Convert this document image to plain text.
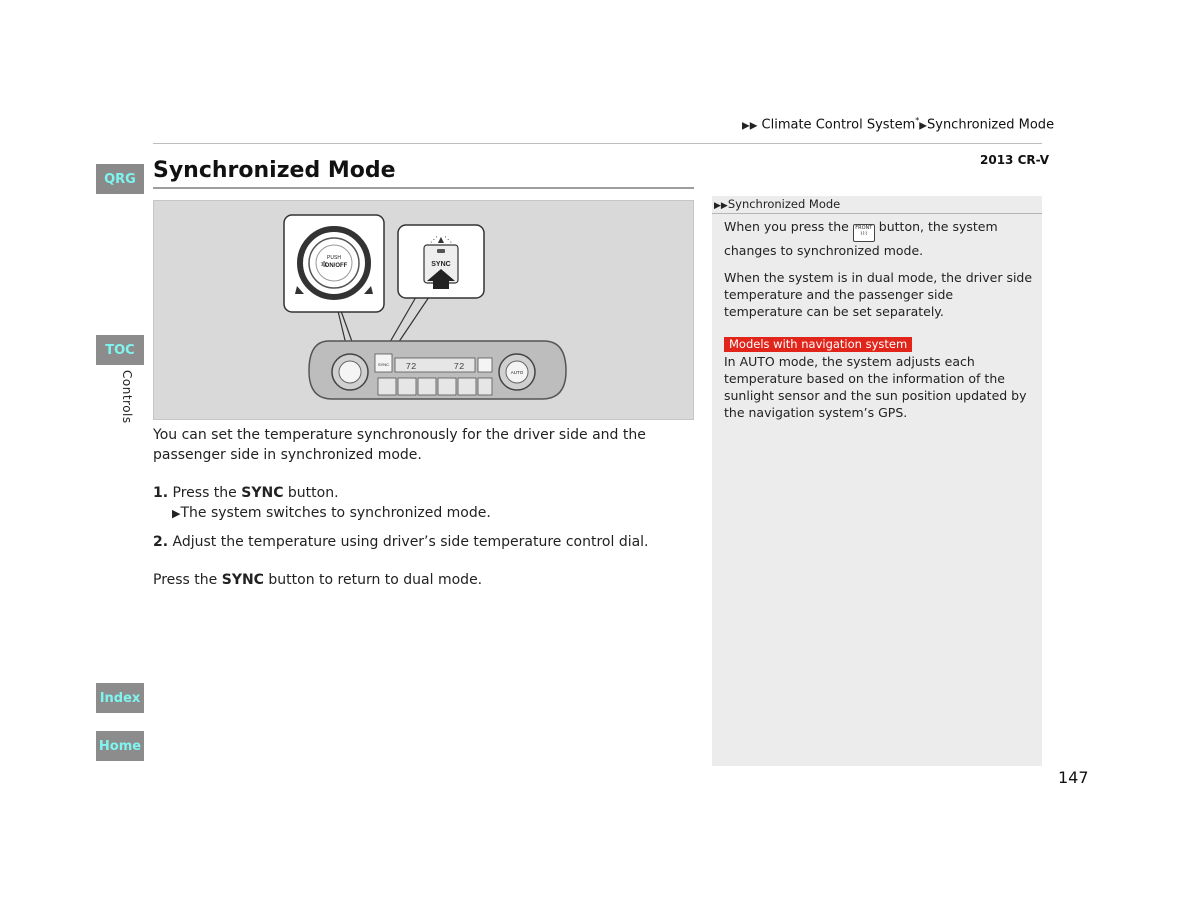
▶▶ Climate Control System*▶Synchronized Mode
2013 CR-V
QRG
TOC
Controls
Index
Home
Synchronized Mode
PUSH
ON/OFF
✲	SYNC
⋰▲⋱
AUTO
SYNC 72	72
You can set the temperature synchronously for the driver side and the passenger side in synchronized mode.
1. Press the SYNC button.
▶The system switches to synchronized mode.
2. Adjust the temperature using driver’s side temperature control dial.
Press the SYNC button to return to dual mode.
▶▶Synchronized Mode
When you press the FRONT
⌇⌇⌇ button, the system changes to synchronized mode.
When the system is in dual mode, the driver side temperature and the passenger side temperature can be set separately.
Models with navigation system
In AUTO mode, the system adjusts each temperature based on the information of the sunlight sensor and the sun position updated by the navigation system’s GPS.
147
